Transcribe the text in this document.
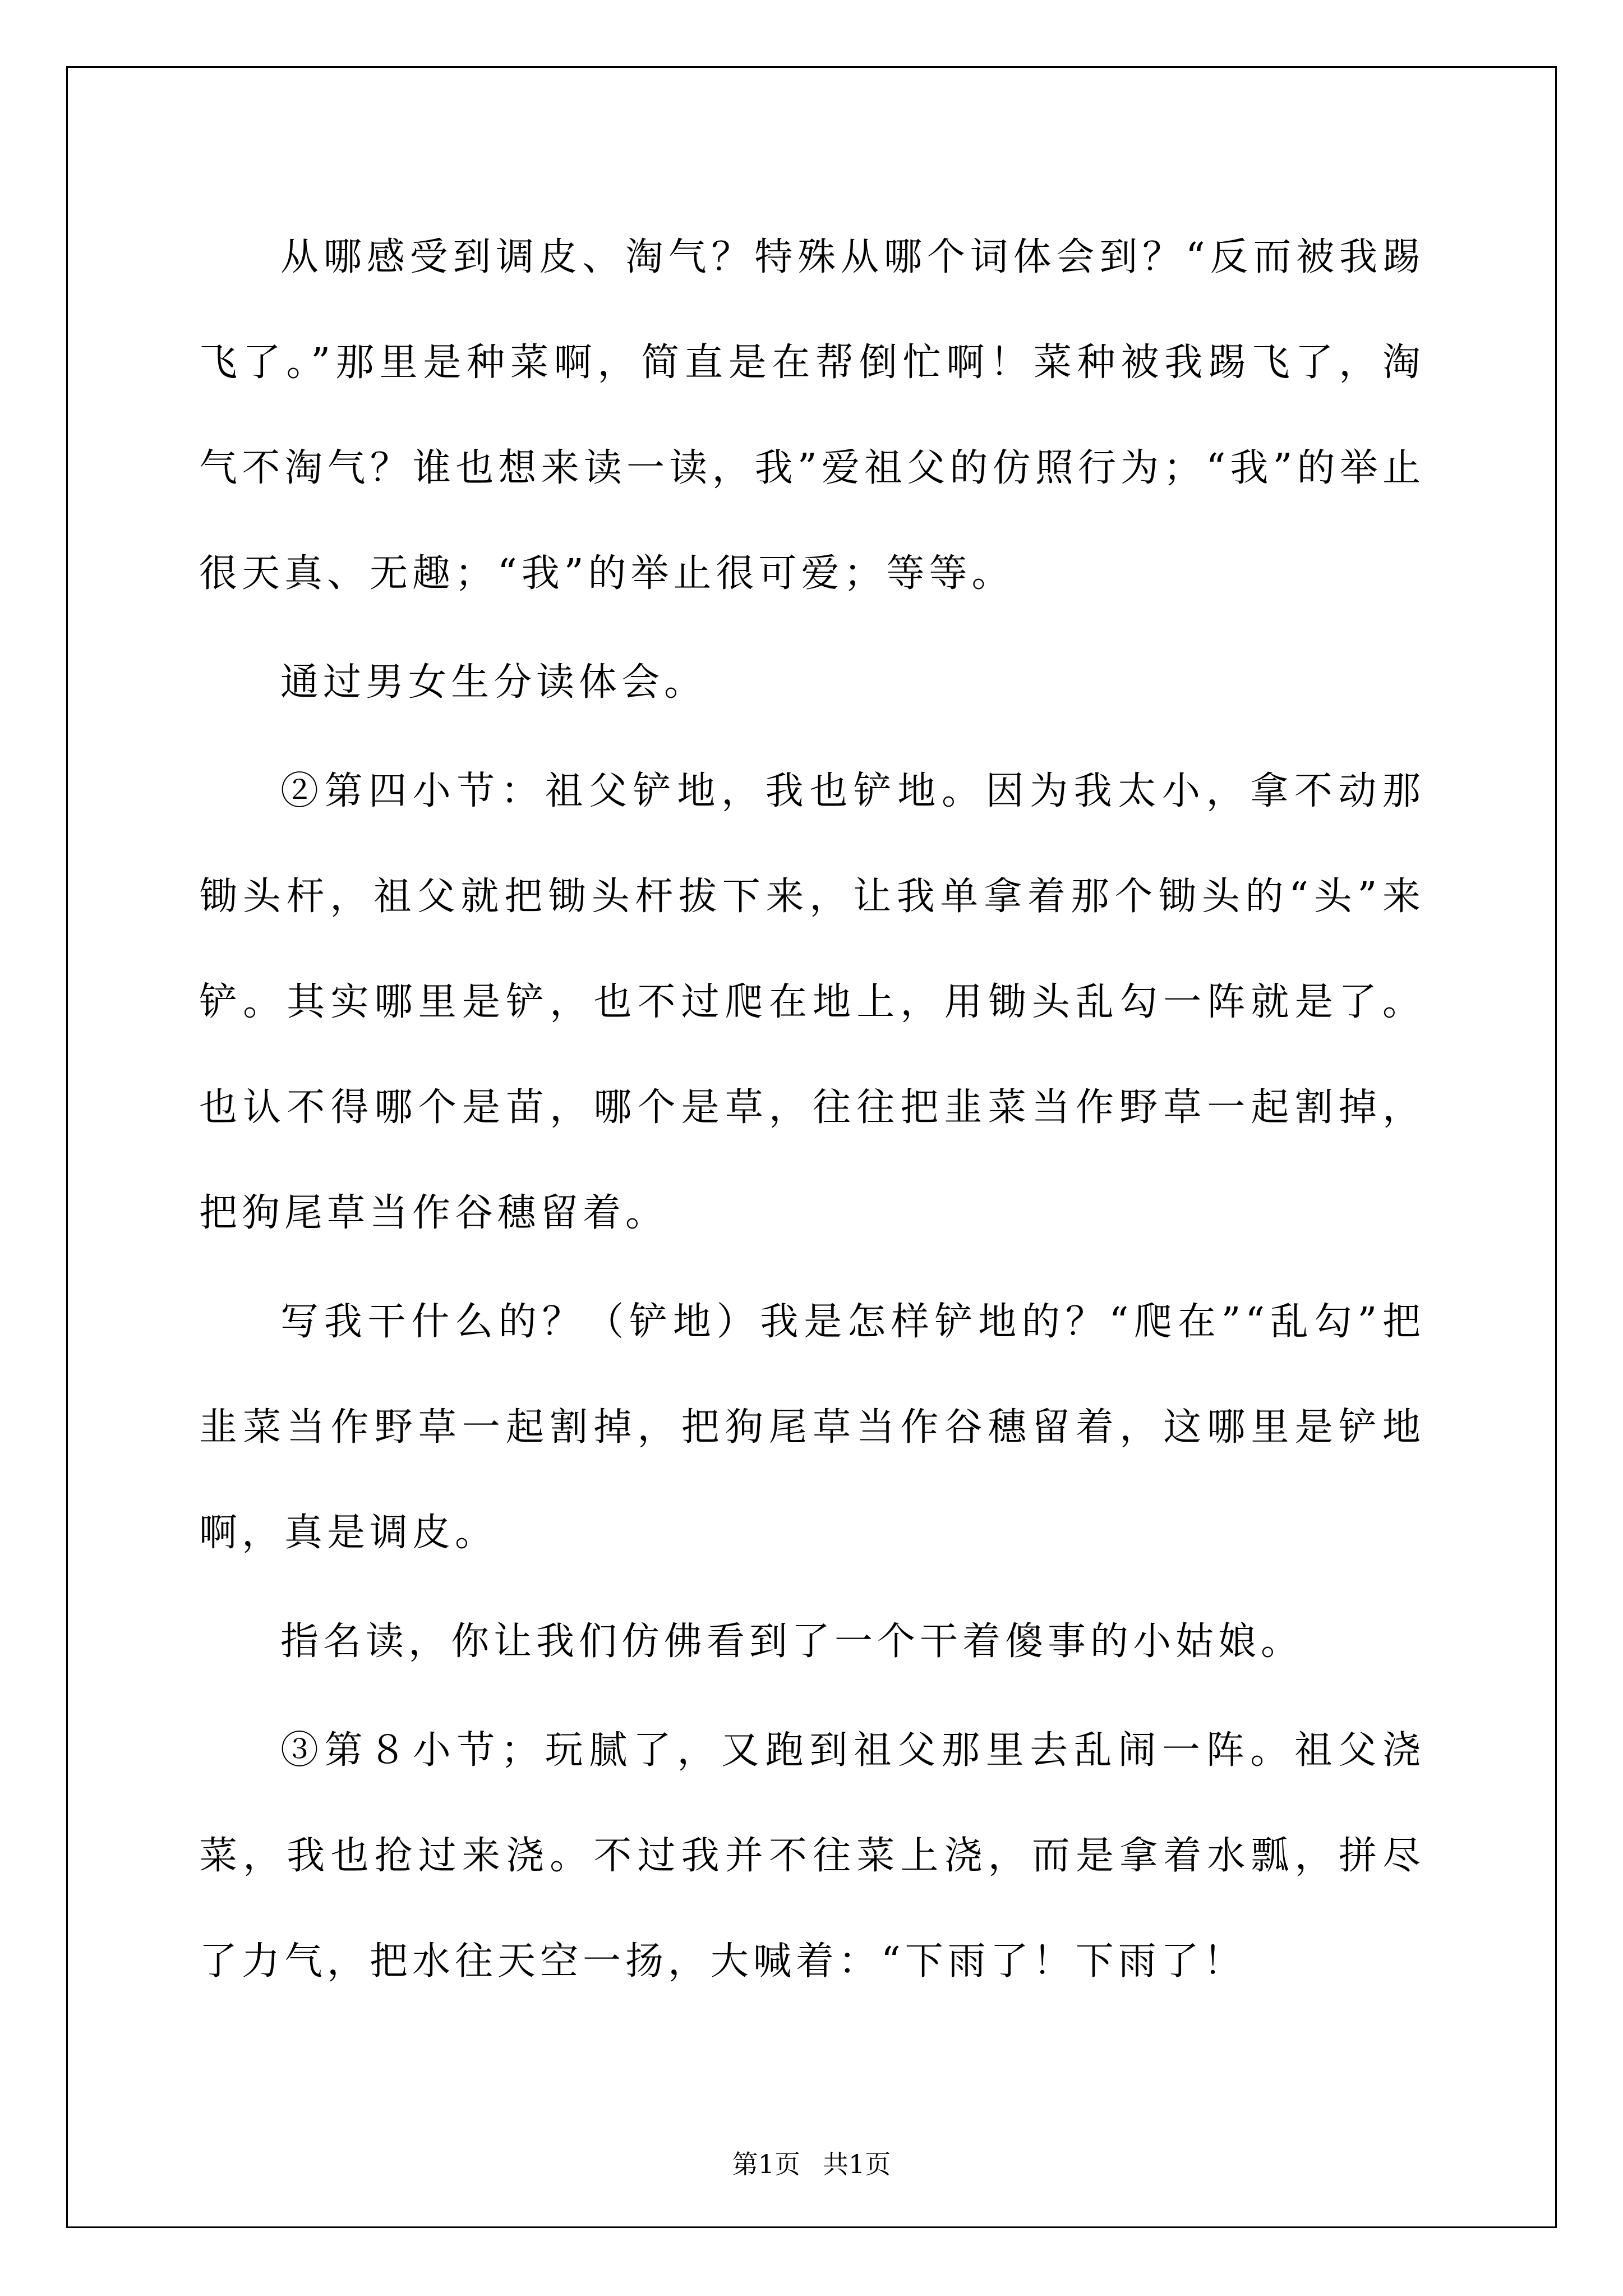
从哪感受到调皮、淘气？特殊从哪个词体会到？“反而被我踢飞了。”那里是种菜啊，简直是在帮倒忙啊！菜种被我踢飞了，淘气不淘气？谁也想来读一读，我”爱祖父的仿照行为；“我”的举止很天真、无趣；“我”的举止很可爱；等等。

通过男女生分读体会。

②第四小节：祖父铲地，我也铲地。因为我太小，拿不动那锄头杆，祖父就把锄头杆拔下来，让我单拿着那个锄头的“头”来铲。其实哪里是铲，也不过爬在地上，用锄头乱勾一阵就是了。也认不得哪个是苗，哪个是草，往往把韭菜当作野草一起割掉，把狗尾草当作谷穗留着。

写我干什么的？（铲地）我是怎样铲地的？“爬在”“乱勾”把韭菜当作野草一起割掉，把狗尾草当作谷穗留着，这哪里是铲地啊，真是调皮。

指名读，你让我们仿佛看到了一个干着傻事的小姑娘。

③第８小节；玩腻了，又跑到祖父那里去乱闹一阵。祖父浇菜，我也抢过来浇。不过我并不往菜上浇，而是拿着水瓢，拼尽了力气，把水往天空一扬，大喊着：“下雨了！下雨了！

第1页 共1页
